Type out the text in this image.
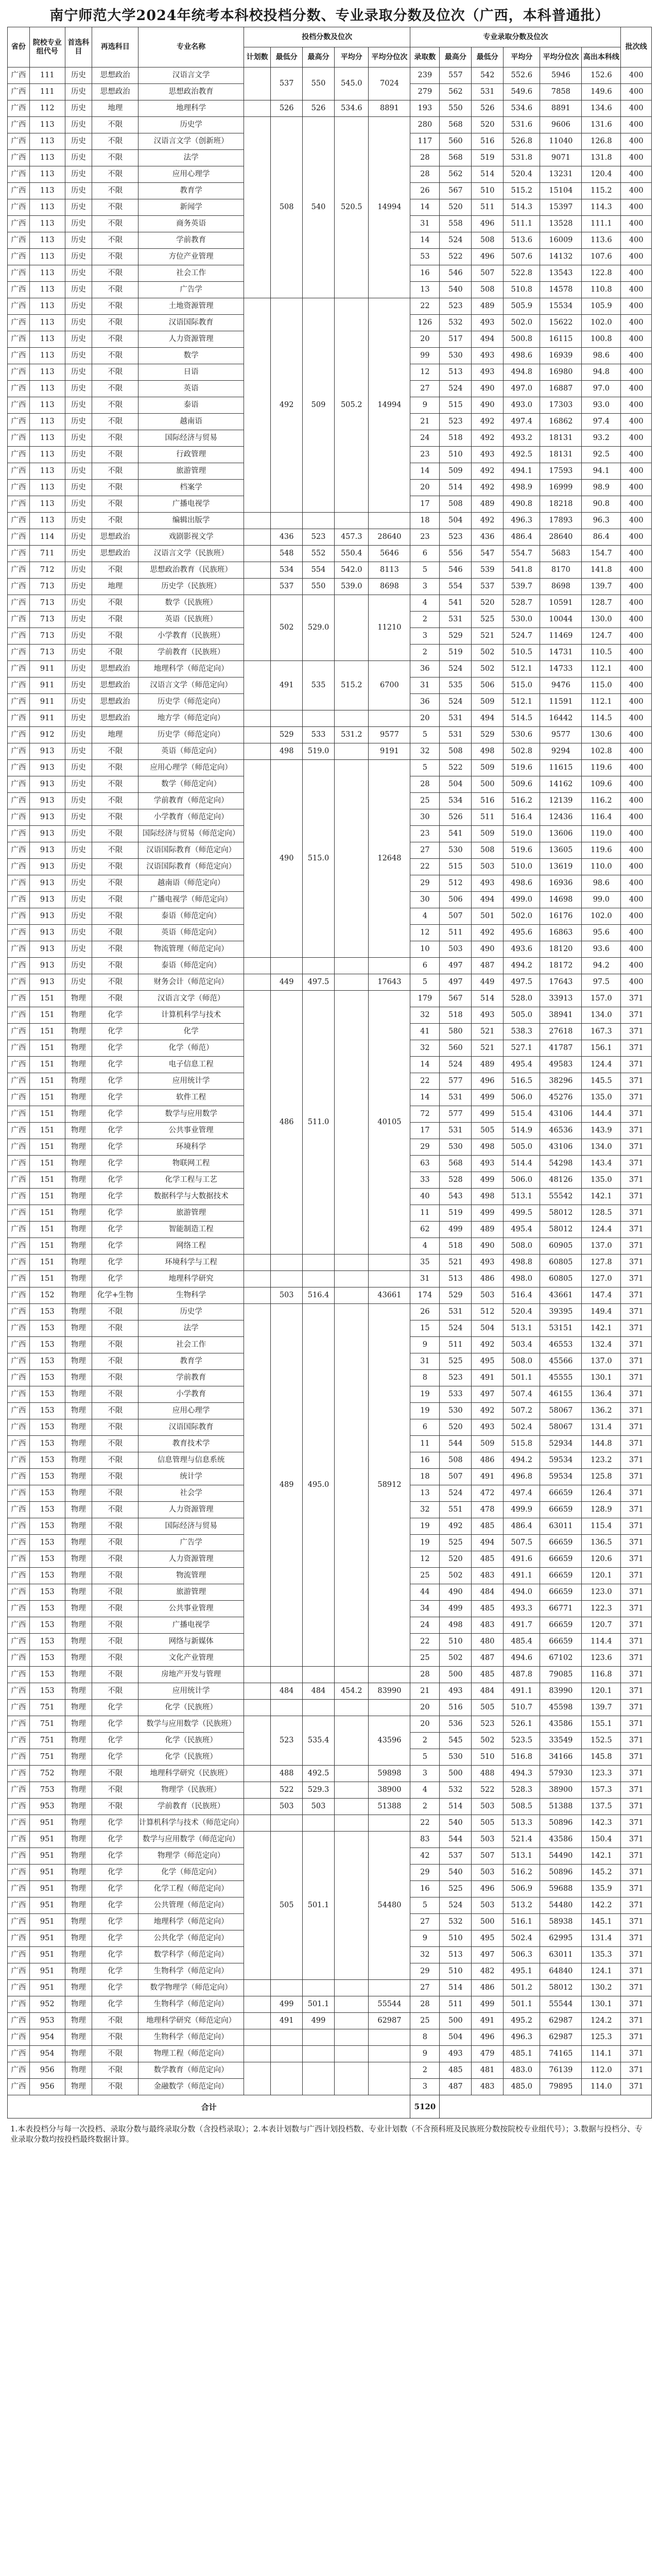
南宁师范大学2024年统考本科校投档分数、专业录取分数及位次（广西，本科普通批）
省份	院校专业组代号	首选科目	再选科目	专业名称	投档分数及位次					专业录取分数及位次						批次线
					计划数	最低分	最高分	平均分	平均分位次	录取数	最高分	最低分	平均分	平均分位次	高出本科线	
广西	111	历史	思想政治	汉语言文学		537	550	545.0	7024	239	557	542	552.6	5946	152.6	400
广西	111	历史	思想政治	思想政治教育						279	562	531	549.6	7858	149.6	400
广西	112	历史	地理	地理科学		526	526	534.6	8891	193	550	526	534.6	8891	134.6	400
广西	113	历史	不限	历史学		508	540	520.5	14994	280	568	520	531.6	9606	131.6	400
广西	113	历史	不限	汉语言文学（创新班）						117	560	516	526.8	11040	126.8	400
广西	113	历史	不限	法学						28	568	519	531.8	9071	131.8	400
广西	113	历史	不限	应用心理学						28	562	514	520.4	13231	120.4	400
广西	113	历史	不限	教育学						26	567	510	515.2	15104	115.2	400
广西	113	历史	不限	新闻学						14	520	511	514.3	15397	114.3	400
广西	113	历史	不限	商务英语						31	558	496	511.1	13528	111.1	400
广西	113	历史	不限	学前教育						14	524	508	513.6	16009	113.6	400
广西	113	历史	不限	方位产业管理						53	522	496	507.6	14132	107.6	400
广西	113	历史	不限	社会工作						16	546	507	522.8	13543	122.8	400
广西	113	历史	不限	广告学						13	540	508	510.8	14578	110.8	400
广西	113	历史	不限	土地资源管理		492	509	505.2	14994	22	523	489	505.9	15534	105.9	400
广西	113	历史	不限	汉语国际教育						126	532	493	502.0	15622	102.0	400
广西	113	历史	不限	人力资源管理						20	517	494	500.8	16115	100.8	400
广西	113	历史	不限	数学						99	530	493	498.6	16939	98.6	400
广西	113	历史	不限	日语						12	513	493	494.8	16980	94.8	400
广西	113	历史	不限	英语						27	524	490	497.0	16887	97.0	400
广西	113	历史	不限	泰语						9	515	490	493.0	17303	93.0	400
广西	113	历史	不限	越南语						21	523	492	497.4	16862	97.4	400
广西	113	历史	不限	国际经济与贸易						24	518	492	493.2	18131	93.2	400
广西	113	历史	不限	行政管理						23	510	493	492.5	18131	92.5	400
广西	113	历史	不限	旅游管理						14	509	492	494.1	17593	94.1	400
广西	113	历史	不限	档案学						20	514	492	498.9	16999	98.9	400
广西	113	历史	不限	广播电视学						17	508	489	490.8	18218	90.8	400
广西	113	历史	不限	编辑出版学						18	504	492	496.3	17893	96.3	400
广西	114	历史	思想政治	戏剧影视文学		436	523	457.3	28640	23	523	436	486.4	28640	86.4	400
广西	711	历史	思想政治	汉语言文学（民族班）		548	552	550.4	5646	6	556	547	554.7	5683	154.7	400
广西	712	历史	不限	思想政治教育（民族班）		534	554	542.0	8113	5	546	539	541.8	8170	141.8	400
广西	713	历史	地理	历史学（民族班）		537	550	539.0	8698	3	554	537	539.7	8698	139.7	400
广西	713	历史	不限	数学（民族班）		502	529.0		11210	4	541	520	528.7	10591	128.7	400
广西	713	历史	不限	英语（民族班）						2	531	525	530.0	10044	130.0	400
广西	713	历史	不限	小学教育（民族班）						3	529	521	524.7	11469	124.7	400
广西	713	历史	不限	学前教育（民族班）						2	519	502	510.5	14731	110.5	400
广西	911	历史	思想政治	地理科学（师范定向）		491	535	515.2	6700	36	524	502	512.1	14733	112.1	400
广西	911	历史	思想政治	汉语言文学（师范定向）						31	535	506	515.0	9476	115.0	400
广西	911	历史	思想政治	历史学（师范定向）						36	524	509	512.1	11591	112.1	400
广西	911	历史	思想政治	地方学（师范定向）						20	531	494	514.5	16442	114.5	400
广西	912	历史	地理	历史学（师范定向）		529	533	531.2	9577	5	531	529	530.6	9577	130.6	400
广西	913	历史	不限	英语（师范定向）		498	519.0		9191	32	508	498	502.8	9294	102.8	400
广西	913	历史	不限	应用心理学（师范定向）		490	515.0		12648	5	522	509	519.6	11615	119.6	400
广西	913	历史	不限	数学（师范定向）						28	504	500	509.6	14162	109.6	400
广西	913	历史	不限	学前教育（师范定向）						25	534	516	516.2	12139	116.2	400
广西	913	历史	不限	小学教育（师范定向）						30	526	511	516.4	12436	116.4	400
广西	913	历史	不限	国际经济与贸易（师范定向）						23	541	509	519.0	13606	119.0	400
广西	913	历史	不限	汉语国际教育（师范定向）						27	530	508	519.6	13605	119.6	400
广西	913	历史	不限	汉语国际教育（师范定向）						22	515	503	510.0	13619	110.0	400
广西	913	历史	不限	越南语（师范定向）						29	512	493	498.6	16936	98.6	400
广西	913	历史	不限	广播电视学（师范定向）						30	506	494	499.0	14698	99.0	400
广西	913	历史	不限	泰语（师范定向）						4	507	501	502.0	16176	102.0	400
广西	913	历史	不限	英语（师范定向）						12	511	492	495.6	16863	95.6	400
广西	913	历史	不限	物流管理（师范定向）						10	503	490	493.6	18120	93.6	400
广西	913	历史	不限	泰语（师范定向）						6	497	487	494.2	18172	94.2	400
广西	913	历史	不限	财务会计（师范定向）		449	497.5		17643	5	497	449	497.5	17643	97.5	400
广西	151	物理	不限	汉语言文学（师范）		486	511.0		40105	179	567	514	528.0	33913	157.0	371
广西	151	物理	化学	计算机科学与技术						32	518	493	505.0	38941	134.0	371
广西	151	物理	化学	化学						41	580	521	538.3	27618	167.3	371
广西	151	物理	化学	化学（师范）						32	560	521	527.1	41787	156.1	371
广西	151	物理	化学	电子信息工程						14	524	489	495.4	49583	124.4	371
广西	151	物理	化学	应用统计学						22	577	496	516.5	38296	145.5	371
广西	151	物理	化学	软件工程						14	531	499	506.0	45276	135.0	371
广西	151	物理	化学	数学与应用数学						72	577	499	515.4	43106	144.4	371
广西	151	物理	化学	公共事业管理						17	531	505	514.9	46536	143.9	371
广西	151	物理	化学	环境科学						29	530	498	505.0	43106	134.0	371
广西	151	物理	化学	物联网工程						63	568	493	514.4	54298	143.4	371
广西	151	物理	化学	化学工程与工艺						33	528	499	506.0	48126	135.0	371
广西	151	物理	化学	数据科学与大数据技术						40	543	498	513.1	55542	142.1	371
广西	151	物理	化学	旅游管理						11	519	499	499.5	58012	128.5	371
广西	151	物理	化学	智能制造工程						62	499	489	495.4	58012	124.4	371
广西	151	物理	化学	网络工程						4	518	490	508.0	60905	137.0	371
广西	151	物理	化学	环境科学与工程						35	521	493	498.8	60805	127.8	371
广西	151	物理	化学	地理科学研究						31	513	486	498.0	60805	127.0	371
广西	152	物理	化学+生物	生物科学		503	516.4		43661	174	529	503	516.4	43661	147.4	371
广西	153	物理	不限	历史学		489	495.0		58912	26	531	512	520.4	39395	149.4	371
广西	153	物理	不限	法学						15	524	504	513.1	53151	142.1	371
广西	153	物理	不限	社会工作						9	511	492	503.4	46553	132.4	371
广西	153	物理	不限	教育学						31	525	495	508.0	45566	137.0	371
广西	153	物理	不限	学前教育						8	523	491	501.1	45555	130.1	371
广西	153	物理	不限	小学教育						19	533	497	507.4	46155	136.4	371
广西	153	物理	不限	应用心理学						19	530	492	507.2	58067	136.2	371
广西	153	物理	不限	汉语国际教育						6	520	493	502.4	58067	131.4	371
广西	153	物理	不限	教育技术学						11	544	509	515.8	52934	144.8	371
广西	153	物理	不限	信息管理与信息系统						16	508	486	494.2	59534	123.2	371
广西	153	物理	不限	统计学						18	507	491	496.8	59534	125.8	371
广西	153	物理	不限	社会学						13	524	472	497.4	66659	126.4	371
广西	153	物理	不限	人力资源管理						32	551	478	499.9	66659	128.9	371
广西	153	物理	不限	国际经济与贸易						19	492	485	486.4	63011	115.4	371
广西	153	物理	不限	广告学						19	525	494	507.5	66659	136.5	371
广西	153	物理	不限	人力资源管理						12	520	485	491.6	66659	120.6	371
广西	153	物理	不限	物流管理						25	502	483	491.1	66659	120.1	371
广西	153	物理	不限	旅游管理						44	490	484	494.0	66659	123.0	371
广西	153	物理	不限	公共事业管理						34	499	485	493.3	66771	122.3	371
广西	153	物理	不限	广播电视学						24	498	483	491.7	66659	120.7	371
广西	153	物理	不限	网络与新媒体						22	510	480	485.4	66659	114.4	371
广西	153	物理	不限	文化产业管理						25	502	487	494.6	67102	123.6	371
广西	153	物理	不限	房地产开发与管理						28	500	485	487.8	79085	116.8	371
广西	153	物理	不限	应用统计学		484	484	454.2	83990	21	493	484	491.1	83990	120.1	371
广西	751	物理	化学	化学（民族班）						20	516	505	510.7	45598	139.7	371
广西	751	物理	化学	数学与应用数学（民族班）		523	535.4		43596	20	536	523	526.1	43586	155.1	371
广西	751	物理	化学	化学（民族班）						2	545	502	523.5	33549	152.5	371
广西	751	物理	化学	化学（民族班）						5	530	510	516.8	34166	145.8	371
广西	752	物理	不限	地理科学研究（民族班）		488	492.5		59898	3	500	488	494.3	57930	123.3	371
广西	753	物理	不限	物理学（民族班）		522	529.3		38900	4	532	522	528.3	38900	157.3	371
广西	953	物理	不限	学前教育（民族班）		503	503		51388	2	514	503	508.5	51388	137.5	371
广西	951	物理	化学	计算机科学与技术（师范定向）						22	540	505	513.3	50896	142.3	371
广西	951	物理	化学	数学与应用数学（师范定向）		505	501.1		54480	83	544	503	521.4	43586	150.4	371
广西	951	物理	化学	物理学（师范定向）						42	537	507	513.1	54490	142.1	371
广西	951	物理	化学	化学（师范定向）						29	540	503	516.2	50896	145.2	371
广西	951	物理	化学	化学工程（师范定向）						16	525	496	506.9	59688	135.9	371
广西	951	物理	化学	公共管理（师范定向）						5	524	503	513.2	54480	142.2	371
广西	951	物理	化学	地理科学（师范定向）						27	532	500	516.1	58938	145.1	371
广西	951	物理	化学	公共化学（师范定向）						9	510	495	502.4	62995	131.4	371
广西	951	物理	化学	数学科学（师范定向）						32	513	497	506.3	63011	135.3	371
广西	951	物理	化学	生物科学（师范定向）						29	510	482	495.1	64840	124.1	371
广西	951	物理	化学	数学物理学（师范定向）						27	514	486	501.2	58012	130.2	371
广西	952	物理	化学	生物科学（师范定向）		499	501.1		55544	28	511	499	501.1	55544	130.1	371
广西	953	物理	不限	地理科学研究（师范定向）		491	499		62987	25	500	491	495.2	62987	124.2	371
广西	954	物理	不限	生物科学（师范定向）						8	504	496	496.3	62987	125.3	371
广西	954	物理	不限	物理工程（师范定向）						9	493	479	485.1	74165	114.1	371
广西	956	物理	不限	数学教育（师范定向）						2	485	481	483.0	76139	112.0	371
广西	956	物理	不限	金融数学（师范定向）						3	487	483	485.0	79895	114.0	371
合计										5120						
1.本表投档分与每一次投档、录取分数与最终录取分数（含投档录取）；2.本表计划数与广西计划投档数、专业计划数（不含预科班及民族班分数按院校专业组代号）；3.数据与投档分、专业录取分数均按投档最终数据计算。
